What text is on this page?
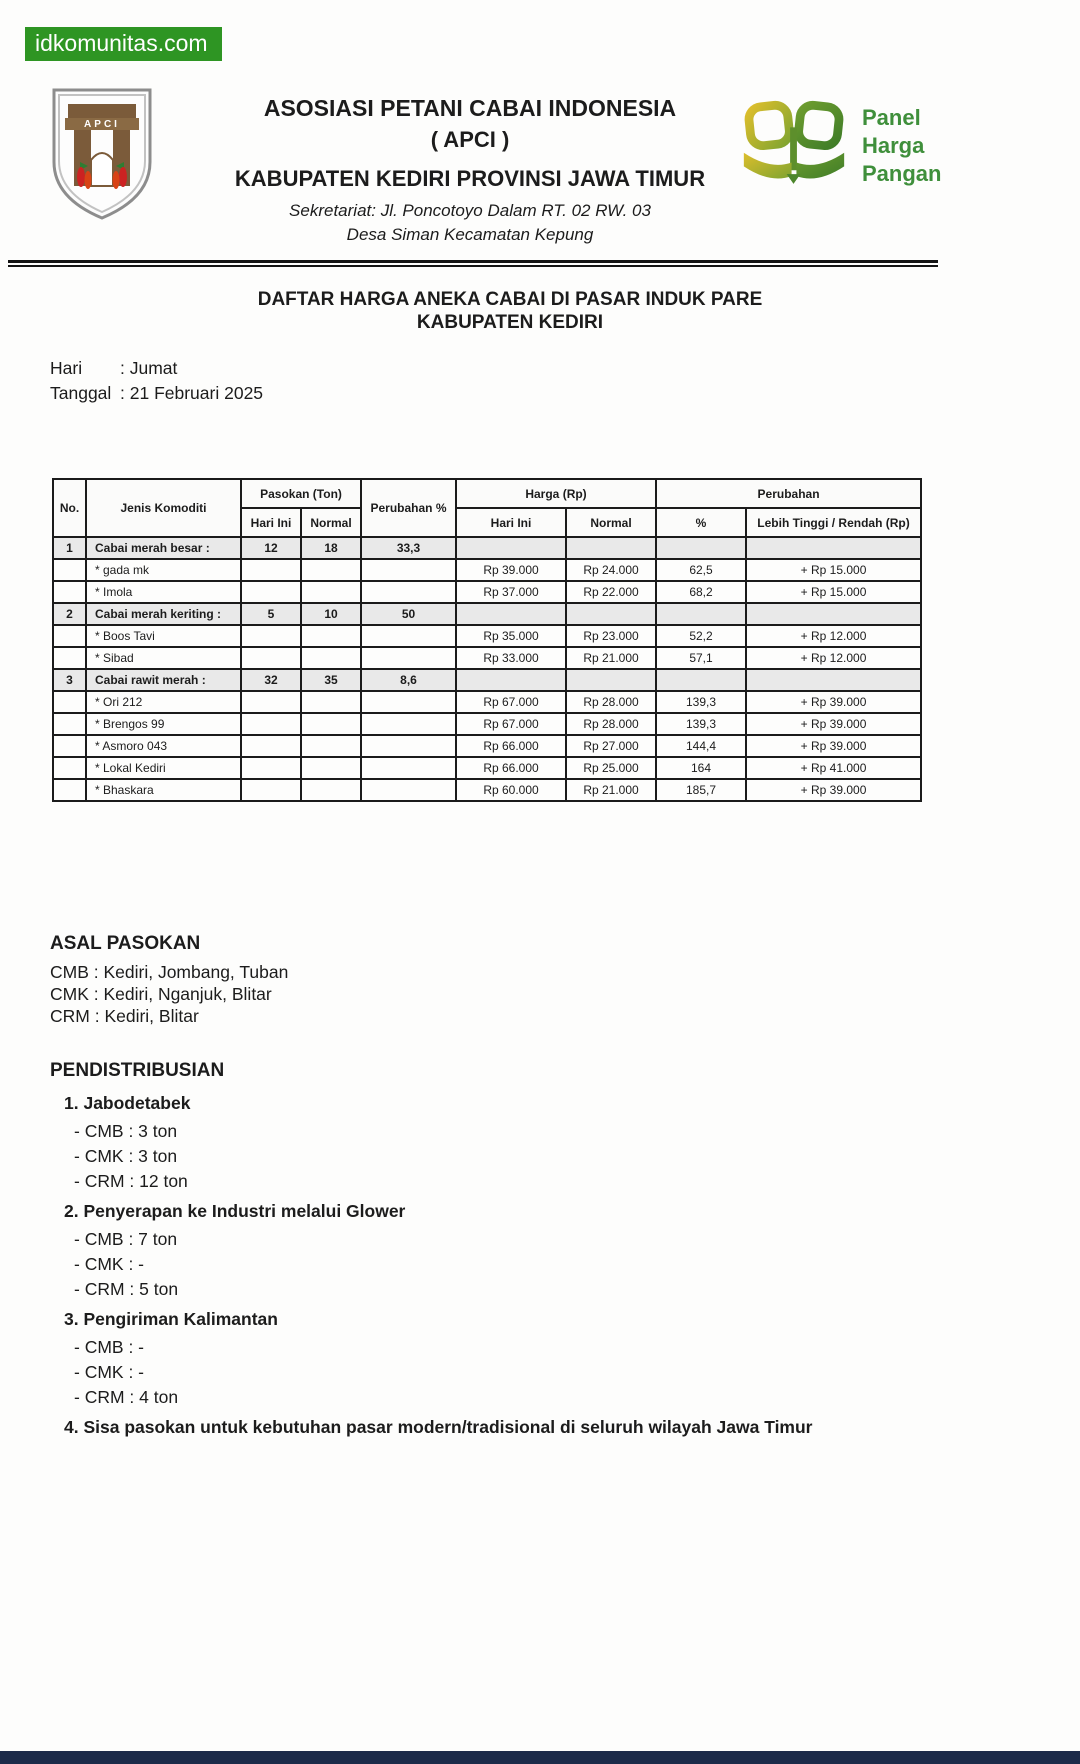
idkomunitas.com
APCI
ASOSIASI PETANI CABAI INDONESIA
( APCI )
KABUPATEN KEDIRI PROVINSI JAWA TIMUR
Sekretariat: Jl. Poncotoyo Dalam RT. 02 RW. 03
Desa Siman Kecamatan Kepung
Panel
Harga
Pangan
DAFTAR HARGA ANEKA CABAI DI PASAR INDUK PARE
KABUPATEN KEDIRI
Hari : Jumat
Tanggal : 21 Februari 2025
No.	Jenis Komoditi	Pasokan (Ton)		Perubahan %	Harga (Rp)		Perubahan	
		Hari Ini	Normal		Hari Ini	Normal	%	Lebih Tinggi / Rendah (Rp)
1	Cabai merah besar :	12	18	33,3				
	* gada mk				Rp 39.000	Rp 24.000	62,5	+ Rp 15.000
	* Imola				Rp 37.000	Rp 22.000	68,2	+ Rp 15.000
2	Cabai merah keriting :	5	10	50				
	* Boos Tavi				Rp 35.000	Rp 23.000	52,2	+ Rp 12.000
	* Sibad				Rp 33.000	Rp 21.000	57,1	+ Rp 12.000
3	Cabai rawit merah :	32	35	8,6				
	* Ori 212				Rp 67.000	Rp 28.000	139,3	+ Rp 39.000
	* Brengos 99				Rp 67.000	Rp 28.000	139,3	+ Rp 39.000
	* Asmoro 043				Rp 66.000	Rp 27.000	144,4	+ Rp 39.000
	* Lokal Kediri				Rp 66.000	Rp 25.000	164	+ Rp 41.000
	* Bhaskara				Rp 60.000	Rp 21.000	185,7	+ Rp 39.000
ASAL PASOKAN
CMB : Kediri, Jombang, Tuban
CMK : Kediri, Nganjuk, Blitar
CRM : Kediri, Blitar
PENDISTRIBUSIAN
1. Jabodetabek
- CMB : 3 ton
- CMK : 3 ton
- CRM : 12 ton
2. Penyerapan ke Industri melalui Glower
- CMB : 7 ton
- CMK : -
- CRM : 5 ton
3. Pengiriman Kalimantan
- CMB : -
- CMK : -
- CRM : 4 ton
4. Sisa pasokan untuk kebutuhan pasar modern/tradisional di seluruh wilayah Jawa Timur
